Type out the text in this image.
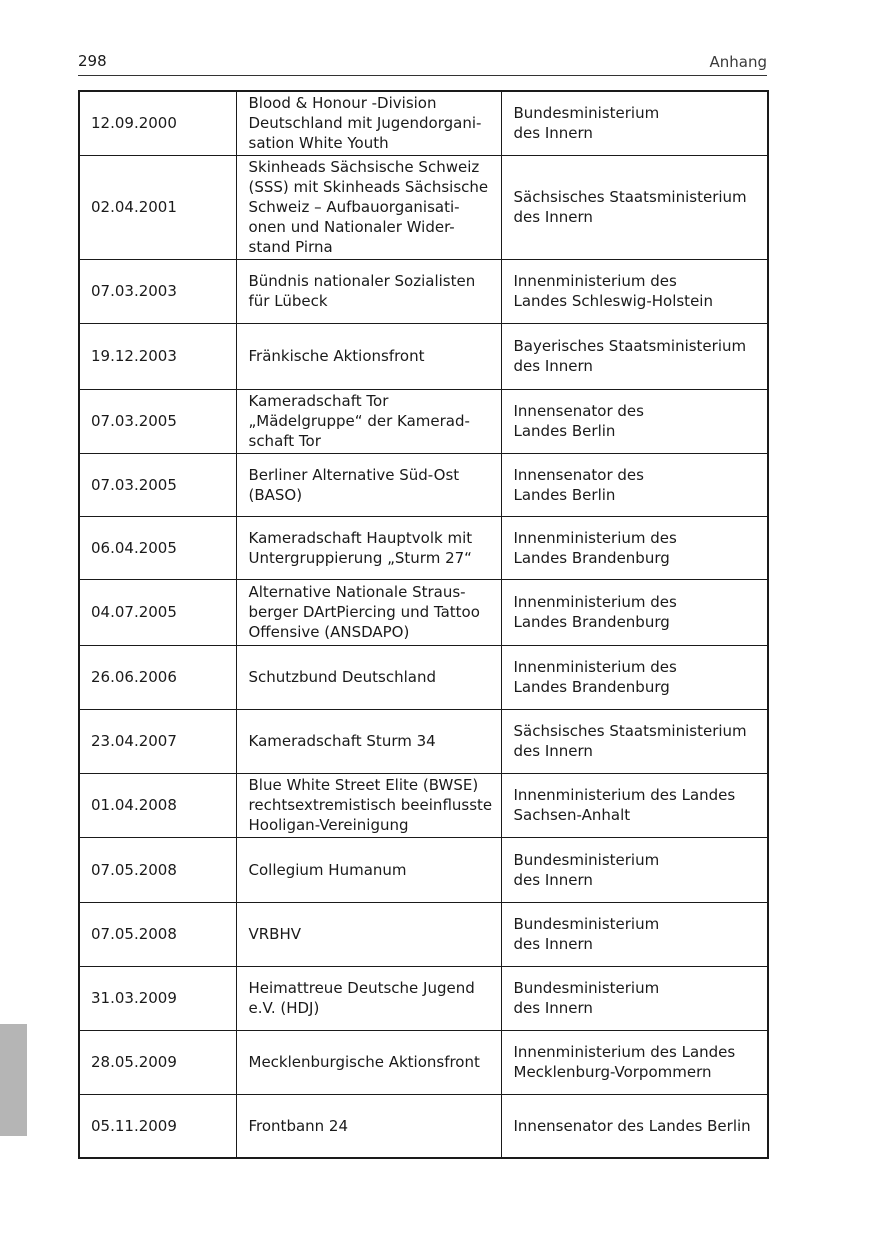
298	Anhang
12.09.2000	Blood & Honour -Division
Deutschland mit Jugendorgani-
sation White Youth	Bundesministerium
des Innern

02.04.2001	Skinheads Sächsische Schweiz
(SSS) mit Skinheads Sächsische
Schweiz – Aufbauorganisati-
onen und Nationaler Wider-
stand Pirna	Sächsisches Staatsministerium
des Innern

07.03.2003	Bündnis nationaler Sozialisten
für Lübeck	Innenministerium des
Landes Schleswig-Holstein

19.12.2003	Fränkische Aktionsfront	Bayerisches Staatsministerium
des Innern

07.03.2005	Kameradschaft Tor
„Mädelgruppe“ der Kamerad-
schaft Tor	Innensenator des
Landes Berlin

07.03.2005	Berliner Alternative Süd-Ost
(BASO)	Innensenator des
Landes Berlin

06.04.2005	Kameradschaft Hauptvolk mit
Untergruppierung „Sturm 27“	Innenministerium des
Landes Brandenburg

04.07.2005	Alternative Nationale Straus-
berger DArtPiercing und Tattoo
Offensive (ANSDAPO)	Innenministerium des
Landes Brandenburg

26.06.2006	Schutzbund Deutschland	Innenministerium des
Landes Brandenburg

23.04.2007	Kameradschaft Sturm 34	Sächsisches Staatsministerium
des Innern

01.04.2008	Blue White Street Elite (BWSE)
rechtsextremistisch beeinflusste
Hooligan-Vereinigung	Innenministerium des Landes
Sachsen-Anhalt

07.05.2008	Collegium Humanum	Bundesministerium
des Innern

07.05.2008	VRBHV	Bundesministerium
des Innern

31.03.2009	Heimattreue Deutsche Jugend
e.V. (HDJ)	Bundesministerium
des Innern

28.05.2009	Mecklenburgische Aktionsfront	Innenministerium des Landes
Mecklenburg-Vorpommern

05.11.2009	Frontbann 24	Innensenator des Landes Berlin
